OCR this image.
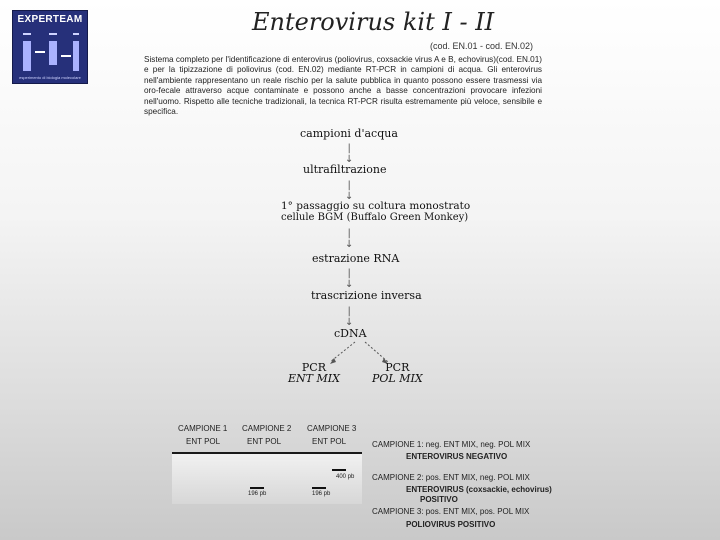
EXPERTEAM
esperimento di biologia molecolare
Enterovirus kit I - II
(cod. EN.01 - cod. EN.02)
Sistema completo per l'identificazione di enterovirus (poliovirus, coxsackie virus A e B, echovirus)(cod. EN.01) e per la tipizzazione di poliovirus (cod. EN.02) mediante RT-PCR in campioni di acqua. Gli enterovirus nell'ambiente rappresentano un reale rischio per la salute pubblica in quanto possono essere trasmessi via oro-fecale attraverso acque contaminate e possono anche a basse concentrazioni provocare infezioni nell'uomo. Rispetto alle tecniche tradizionali, la tecnica RT-PCR risulta estremamente più veloce, sensibile e specifica.
campioni d'acqua
|
↓
ultrafiltrazione
|
↓
1° passaggio su coltura monostrato
cellule BGM (Buffalo Green Monkey)
|
↓
estrazione RNA
|
↓
trascrizione inversa
|
↓
cDNA
PCR
ENT MIX
PCR
POL MIX
CAMPIONE 1
ENT POL
CAMPIONE 2
ENT POL
CAMPIONE 3
ENT POL
196 pb	196 pb
400 pb
CAMPIONE 1: neg. ENT MIX, neg. POL MIX
ENTEROVIRUS NEGATIVO
CAMPIONE 2: pos. ENT MIX, neg. POL MIX
ENTEROVIRUS (coxsackie, echovirus)
POSITIVO
CAMPIONE 3: pos. ENT MIX, pos. POL MIX
POLIOVIRUS POSITIVO
